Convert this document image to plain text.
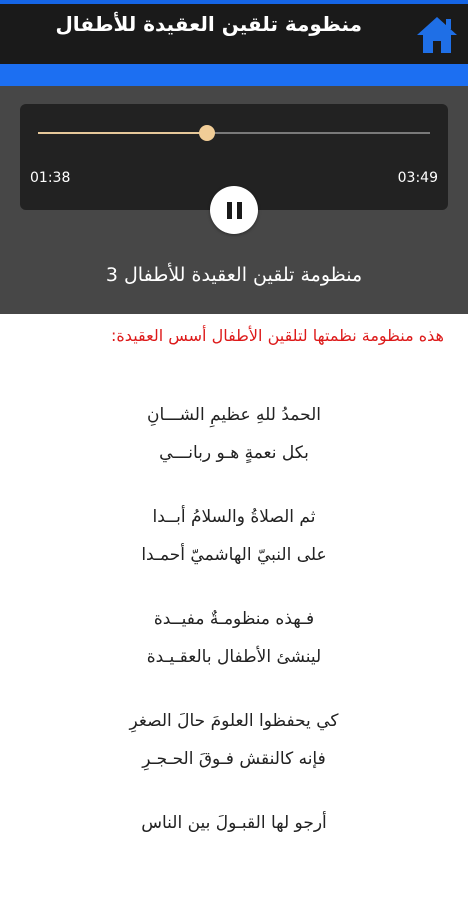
منظومة تلقين العقيدة للأطفال
01:38	03:49
منظومة تلقين العقيدة للأطفال 3
هذه منظومة نظمتها لتلقين الأطفال أسس العقيدة:
الحمدُ للهِ عظيمِ الشـــانِ
بكل نعمةٍ هـو ربانـــي
ثم الصلاةُ والسلامُ أبــدا
على النبيّ الهاشميّ أحمـدا
فـهذه منظومـةٌ مفيــدة
لينشئ الأطفال بالعقـيـدة
كي يحفظوا العلومَ حالَ الصغرِ
فإنه كالنقش فـوقَ الحـجـرِ
أرجو لها القبـولَ بين الناس
